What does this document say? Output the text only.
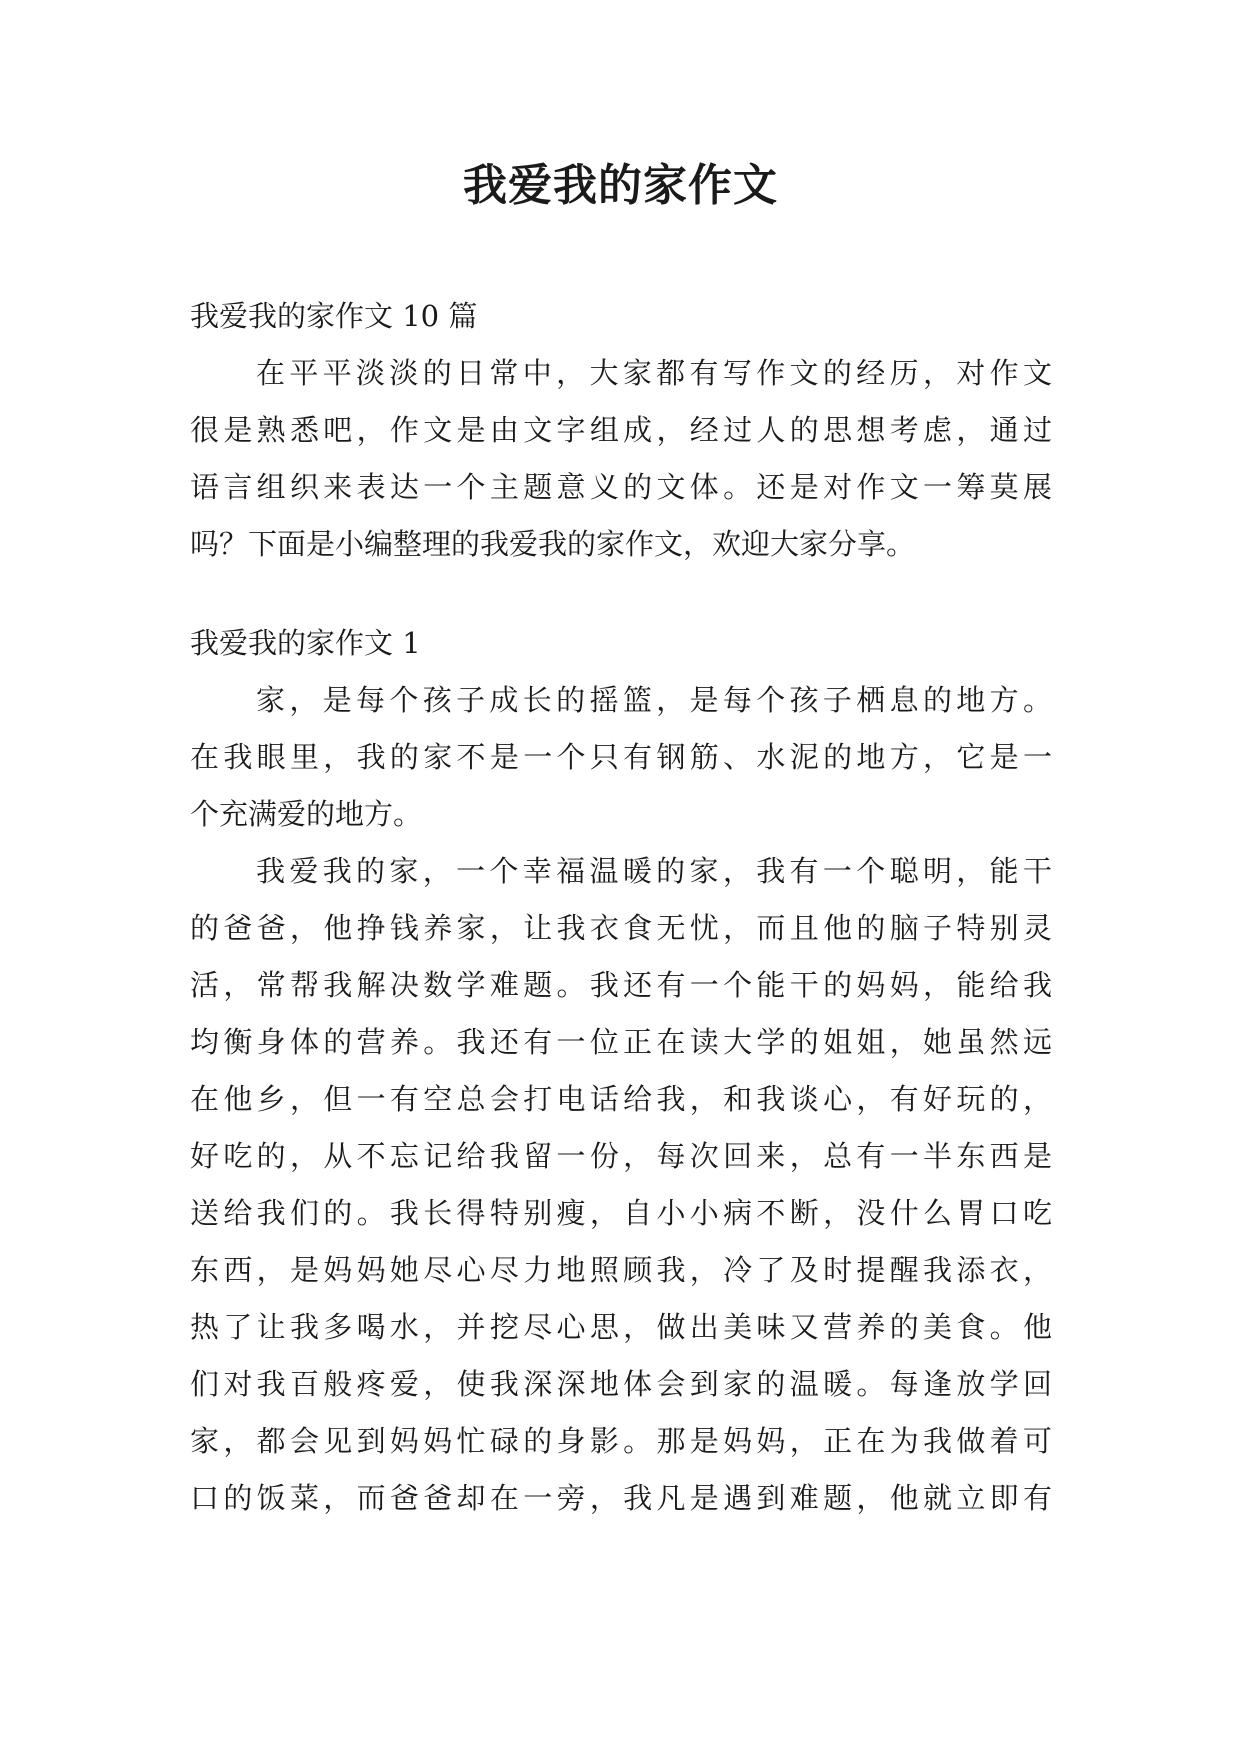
我爱我的家作文
我爱我的家作文 10 篇
在平平淡淡的日常中，大家都有写作文的经历，对作文
很是熟悉吧，作文是由文字组成，经过人的思想考虑，通过
语言组织来表达一个主题意义的文体。还是对作文一筹莫展
吗？下面是小编整理的我爱我的家作文，欢迎大家分享。
我爱我的家作文 1
家，是每个孩子成长的摇篮，是每个孩子栖息的地方。
在我眼里，我的家不是一个只有钢筋、水泥的地方，它是一
个充满爱的地方。
我爱我的家，一个幸福温暖的家，我有一个聪明，能干
的爸爸，他挣钱养家，让我衣食无忧，而且他的脑子特别灵
活，常帮我解决数学难题。我还有一个能干的妈妈，能给我
均衡身体的营养。我还有一位正在读大学的姐姐，她虽然远
在他乡，但一有空总会打电话给我，和我谈心，有好玩的，
好吃的，从不忘记给我留一份，每次回来，总有一半东西是
送给我们的。我长得特别瘦，自小小病不断，没什么胃口吃
东西，是妈妈她尽心尽力地照顾我，冷了及时提醒我添衣，
热了让我多喝水，并挖尽心思，做出美味又营养的美食。他
们对我百般疼爱，使我深深地体会到家的温暖。每逢放学回
家，都会见到妈妈忙碌的身影。那是妈妈，正在为我做着可
口的饭菜，而爸爸却在一旁，我凡是遇到难题，他就立即有
